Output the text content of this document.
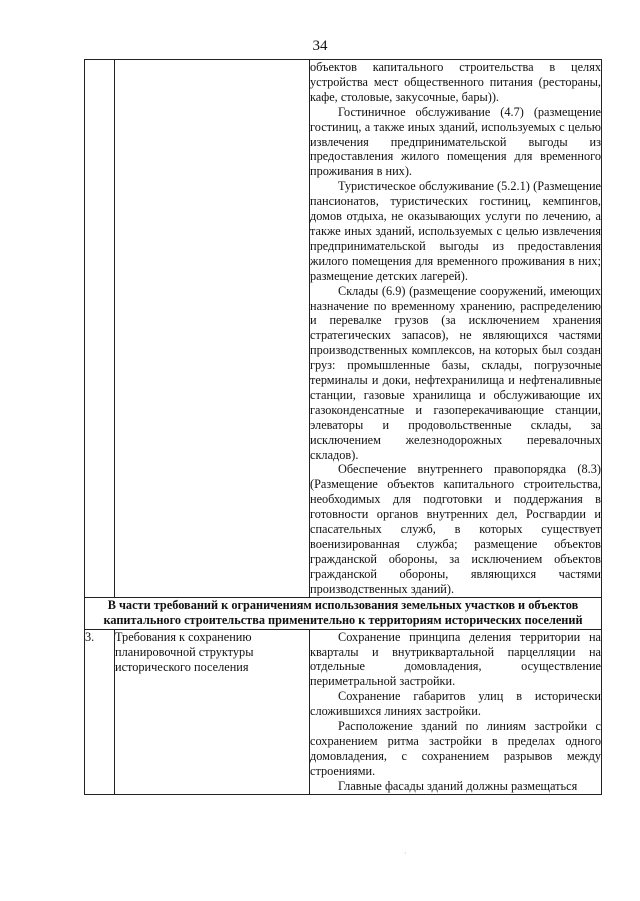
34

		объектов капитального строительства в целях устройства мест общественного питания (рестораны, кафе, столовые, закусочные, бары)).

Гостиничное обслуживание (4.7) (размещение гостиниц, а также иных зданий, используемых с целью извлечения предпринимательской выгоды из предоставления жилого помещения для временного проживания в них).

Туристическое обслуживание (5.2.1) (Размещение пансионатов, туристических гостиниц, кемпингов, домов отдыха, не оказывающих услуги по лечению, а также иных зданий, используемых с целью извлечения предпринимательской выгоды из предоставления жилого помещения для временного проживания в них; размещение детских лагерей).

Склады (6.9) (размещение сооружений, имеющих назначение по временному хранению, распределению и перевалке грузов (за исключением хранения стратегических запасов), не являющихся частями производственных комплексов, на которых был создан груз: промышленные базы, склады, погрузочные терминалы и доки, нефтехранилища и нефтеналивные станции, газовые хранилища и обслуживающие их газоконденсатные и газоперекачивающие станции, элеваторы и продовольственные склады, за исключением железнодорожных перевалочных складов).

Обеспечение внутреннего правопорядка (8.3) (Размещение объектов капитального строительства, необходимых для подготовки и поддержания в готовности органов внутренних дел, Росгвардии и спасательных служб, в которых существует военизированная служба; размещение объектов гражданской обороны, за исключением объектов гражданской обороны, являющихся частями производственных зданий).

В части требований к ограничениям использования земельных участков и объектов капитального строительства применительно к территориям исторических поселений		
3.	Требования к сохранению планировочной структуры исторического поселения	Сохранение принципа деления территории на кварталы и внутриквартальной парцелляции на отдельные домовладения, осуществление периметральной застройки.

Сохранение габаритов улиц в исторически сложившихся линиях застройки.

Расположение зданий по линиям застройки с сохранением ритма застройки в пределах одного домовладения, с сохранением разрывов между строениями.

Главные фасады зданий должны размещаться

·
